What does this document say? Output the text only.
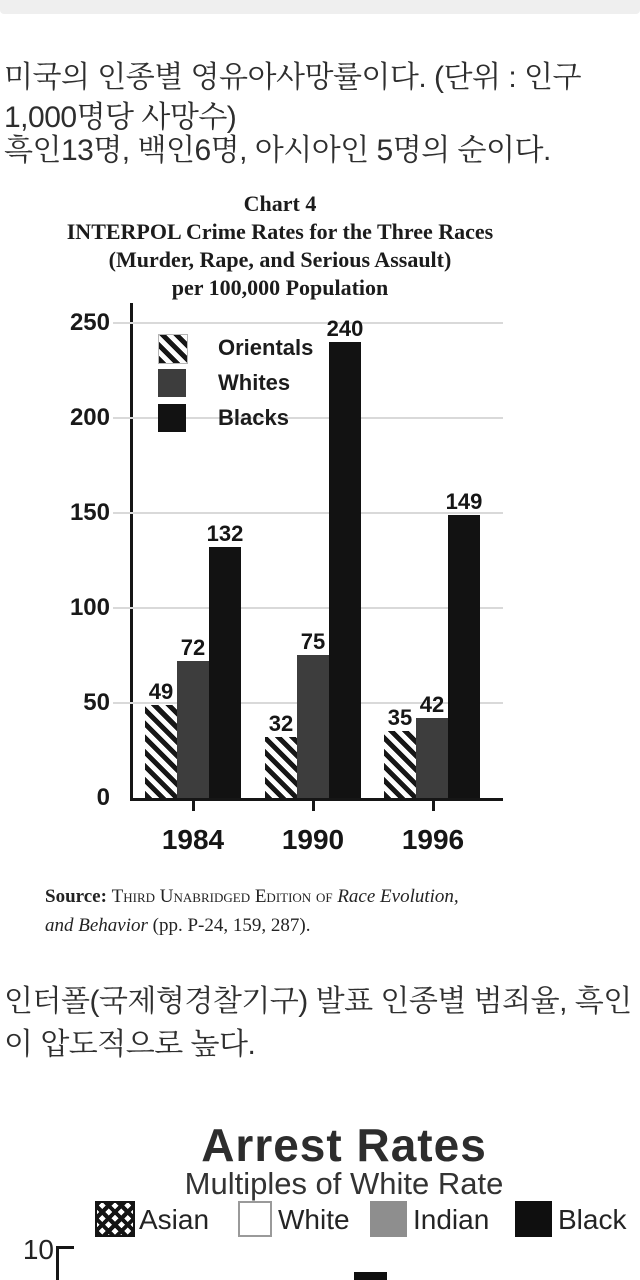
미국의 인종별 영유아사망률이다. (단위 : 인구 1,000명당 사망수)
흑인13명, 백인6명, 아시아인 5명의 순이다.
Chart 4
INTERPOL Crime Rates for the Three Races
(Murder, Rape, and Serious Assault)
per 100,000 Population
Source: Third Unabridged Edition of Race Evolution,
and Behavior (pp. P-24, 159, 287).
0
50
100
150
200
250
49
32	35
72	75
42
132
240
149
1984	1990	1996
Orientals
Whites
Blacks
인터폴(국제형경찰기구) 발표 인종별 범죄율, 흑인이 압도적으로 높다.
Arrest Rates
Multiples of White Rate
10
Asian White Indian Black
